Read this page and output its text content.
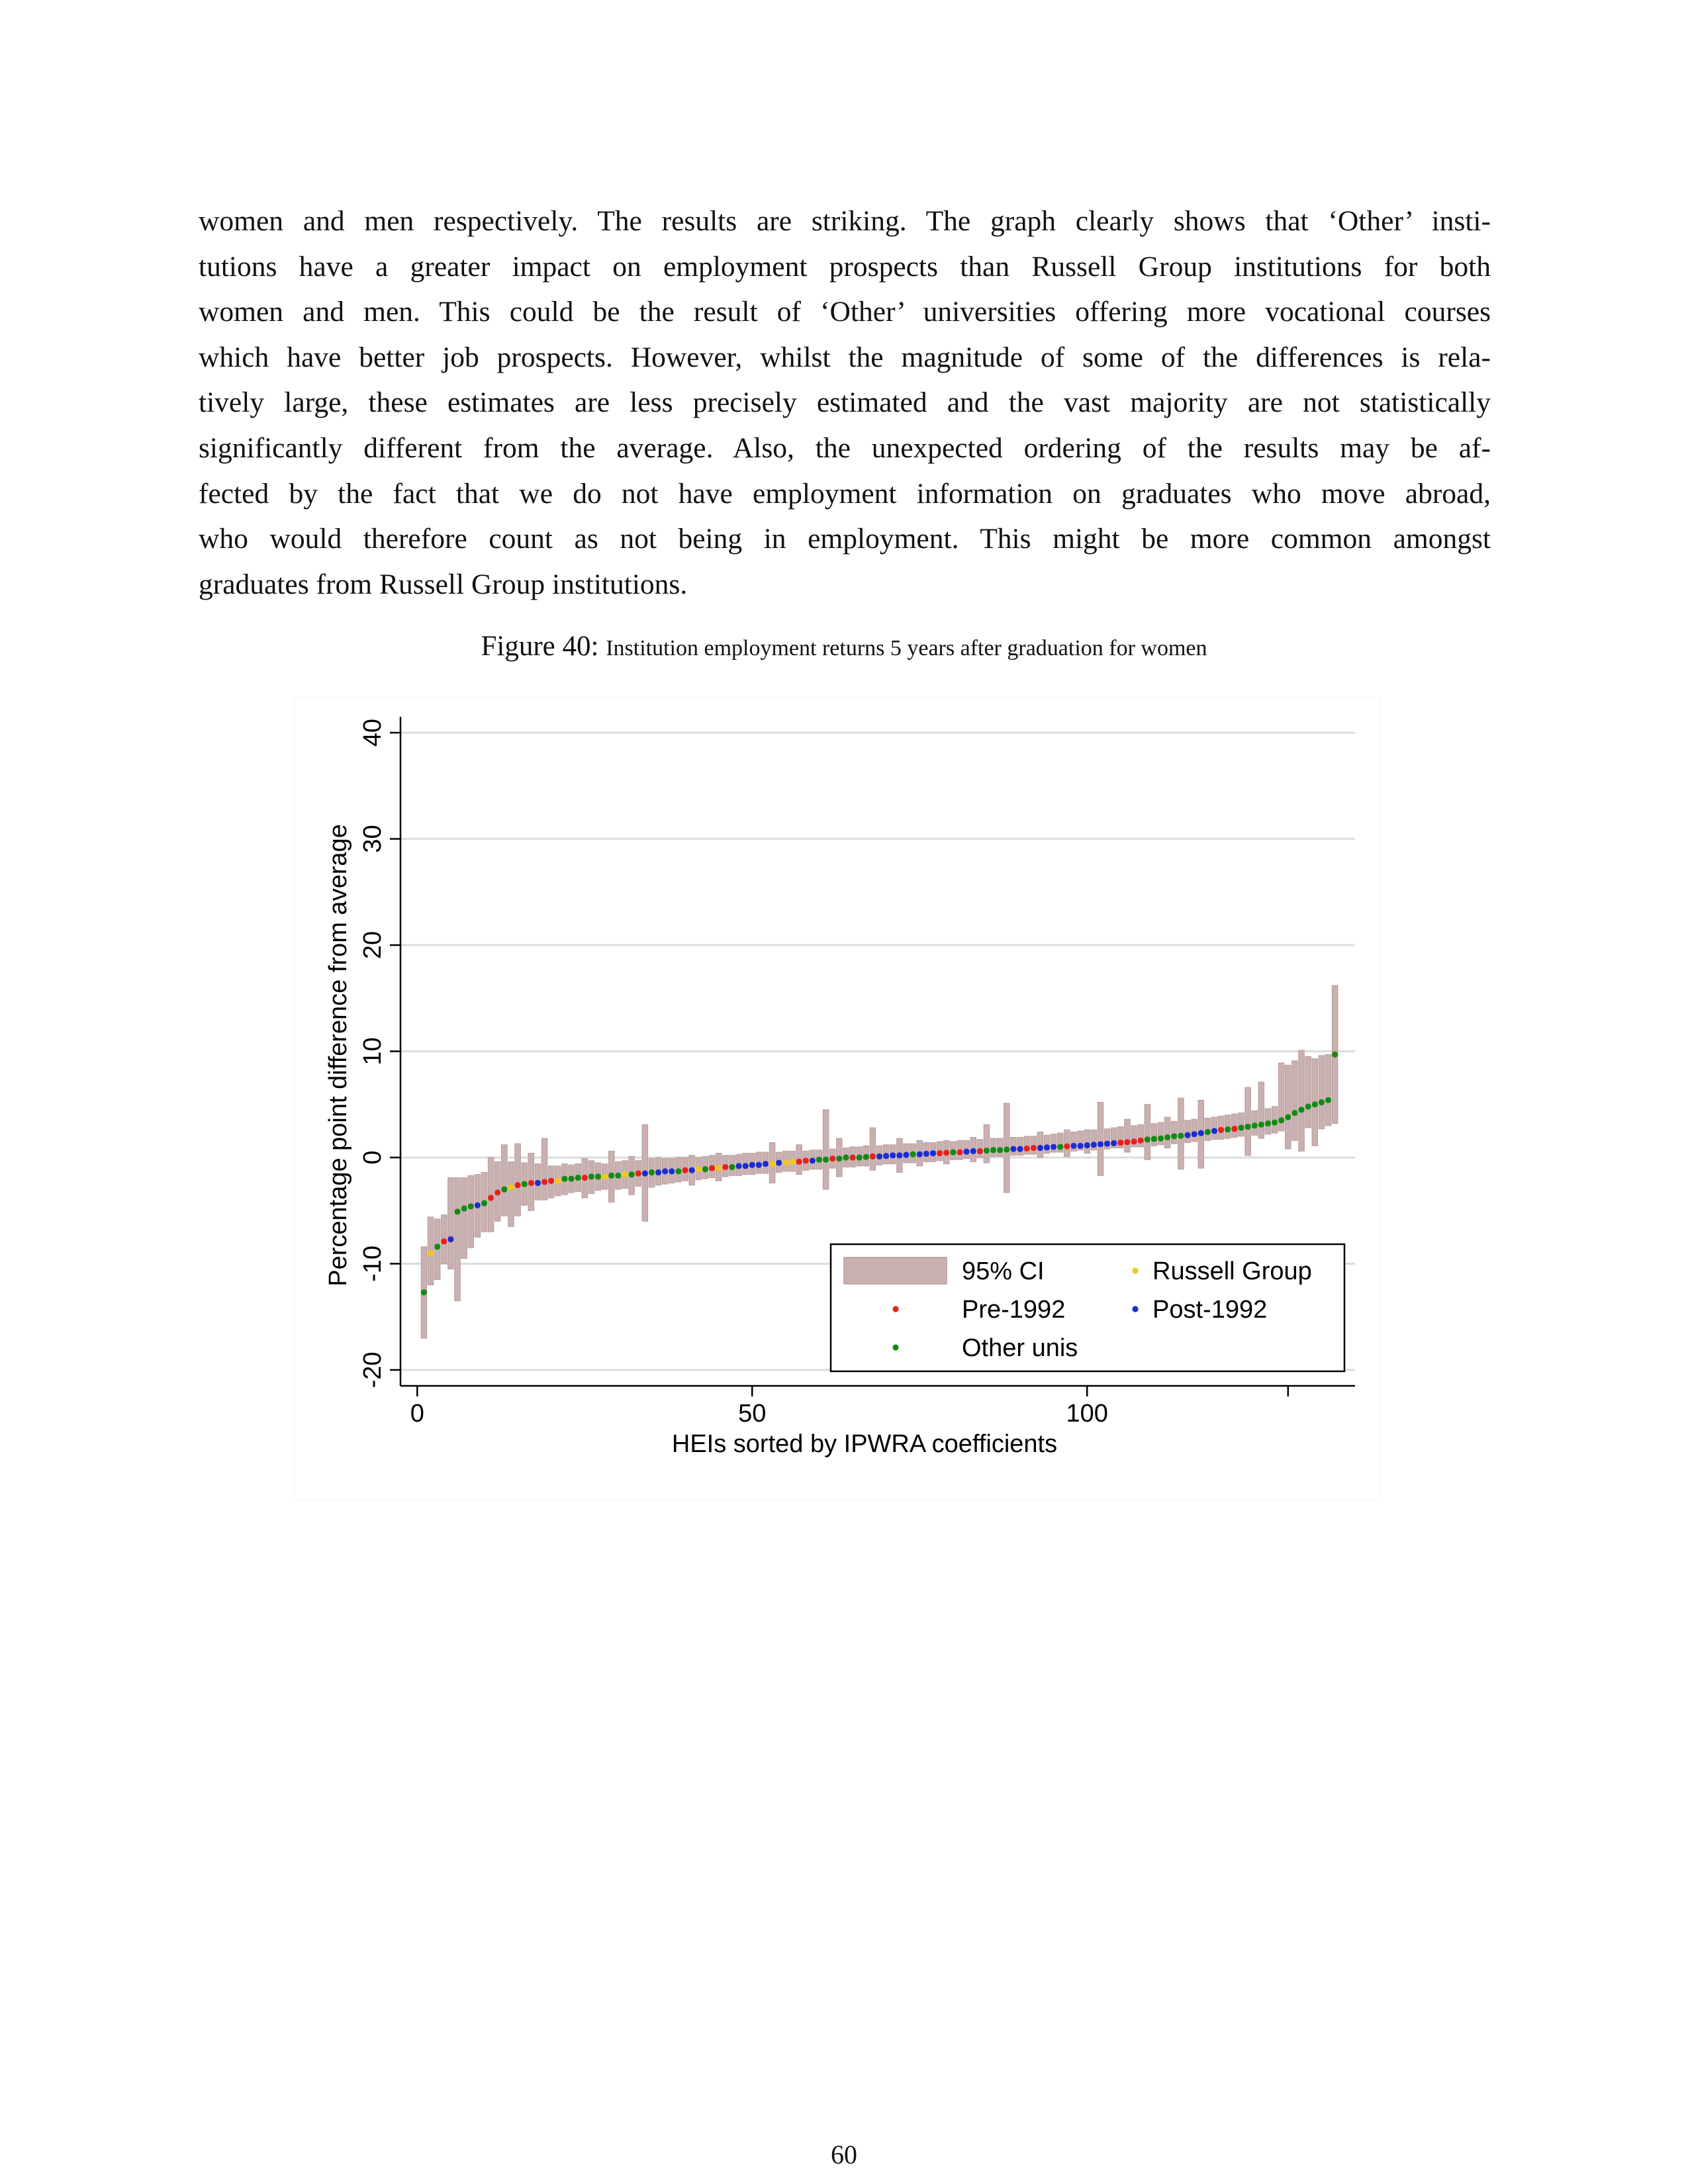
women and men respectively. The results are striking. The graph clearly shows that ‘Other’ insti-
tutions have a greater impact on employment prospects than Russell Group institutions for both
women and men. This could be the result of ‘Other’ universities offering more vocational courses
which have better job prospects. However, whilst the magnitude of some of the differences is rela-
tively large, these estimates are less precisely estimated and the vast majority are not statistically
significantly different from the average. Also, the unexpected ordering of the results may be af-
fected by the fact that we do not have employment information on graduates who move abroad,
who would therefore count as not being in employment. This might be more common amongst
graduates from Russell Group institutions.

Figure 40: Institution employment returns 5 years after graduation for women
-20
-10
0
10
20
30
40
0	50	100
HEIs sorted by IPWRA coefficients
Percentage point difference from average	95% CI	Russell Group
Pre-1992	Post-1992
Other unis
60
